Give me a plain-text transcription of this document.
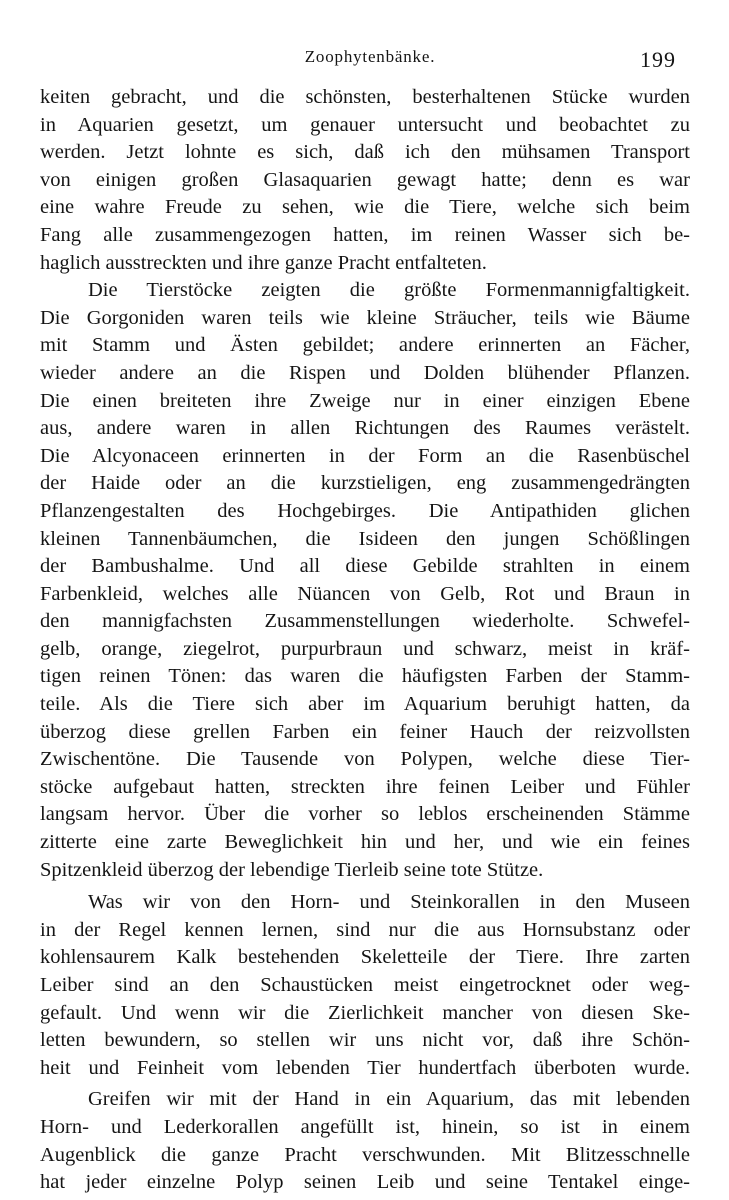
Zoophytenbänke.	199
keiten gebracht, und die schönsten, besterhaltenen Stücke wurden
in Aquarien gesetzt, um genauer untersucht und beobachtet zu
werden. Jetzt lohnte es sich, daß ich den mühsamen Transport
von einigen großen Glasaquarien gewagt hatte; denn es war
eine wahre Freude zu sehen, wie die Tiere, welche sich beim
Fang alle zusammengezogen hatten, im reinen Wasser sich be-
haglich ausstreckten und ihre ganze Pracht entfalteten.
Die Tierstöcke zeigten die größte Formenmannigfaltigkeit.
Die Gorgoniden waren teils wie kleine Sträucher, teils wie Bäume
mit Stamm und Ästen gebildet; andere erinnerten an Fächer,
wieder andere an die Rispen und Dolden blühender Pflanzen.
Die einen breiteten ihre Zweige nur in einer einzigen Ebene
aus, andere waren in allen Richtungen des Raumes verästelt.
Die Alcyonaceen erinnerten in der Form an die Rasenbüschel
der Haide oder an die kurzstieligen, eng zusammengedrängten
Pflanzengestalten des Hochgebirges. Die Antipathiden glichen
kleinen Tannenbäumchen, die Isideen den jungen Schößlingen
der Bambushalme. Und all diese Gebilde strahlten in einem
Farbenkleid, welches alle Nüancen von Gelb, Rot und Braun in
den mannigfachsten Zusammenstellungen wiederholte. Schwefel-
gelb, orange, ziegelrot, purpurbraun und schwarz, meist in kräf-
tigen reinen Tönen: das waren die häufigsten Farben der Stamm-
teile. Als die Tiere sich aber im Aquarium beruhigt hatten, da
überzog diese grellen Farben ein feiner Hauch der reizvollsten
Zwischentöne. Die Tausende von Polypen, welche diese Tier-
stöcke aufgebaut hatten, streckten ihre feinen Leiber und Fühler
langsam hervor. Über die vorher so leblos erscheinenden Stämme
zitterte eine zarte Beweglichkeit hin und her, und wie ein feines
Spitzenkleid überzog der lebendige Tierleib seine tote Stütze.
Was wir von den Horn- und Steinkorallen in den Museen
in der Regel kennen lernen, sind nur die aus Hornsubstanz oder
kohlensaurem Kalk bestehenden Skeletteile der Tiere. Ihre zarten
Leiber sind an den Schaustücken meist eingetrocknet oder weg-
gefault. Und wenn wir die Zierlichkeit mancher von diesen Ske-
letten bewundern, so stellen wir uns nicht vor, daß ihre Schön-
heit und Feinheit vom lebenden Tier hundertfach überboten wurde.
Greifen wir mit der Hand in ein Aquarium, das mit lebenden
Horn- und Lederkorallen angefüllt ist, hinein, so ist in einem
Augenblick die ganze Pracht verschwunden. Mit Blitzesschnelle
hat jeder einzelne Polyp seinen Leib und seine Tentakel einge-
